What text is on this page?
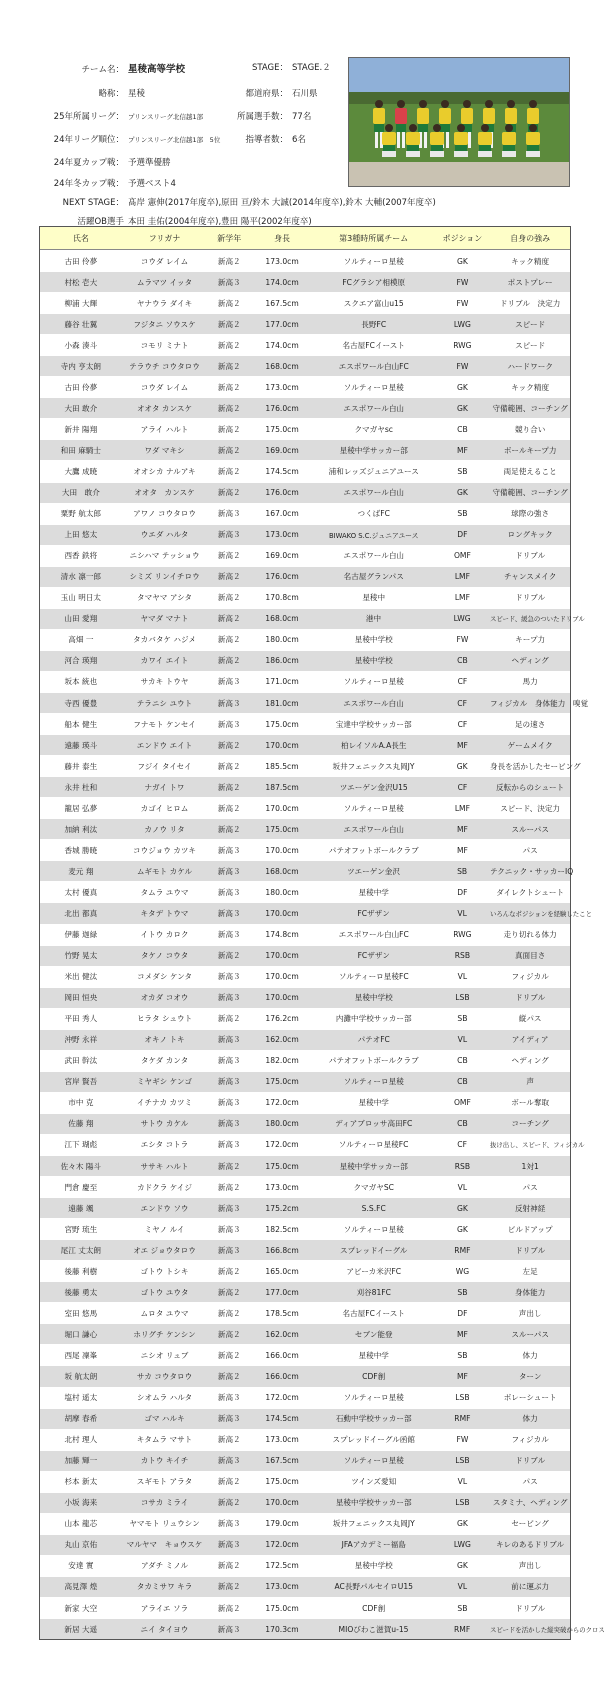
チーム名： 星稜高等学校
略称： 星稜
25年所属リーグ： プリンスリーグ北信越1部
24年リーグ順位： プリンスリーグ北信越1部　5位
24年夏カップ戦： 予選準優勝
24年冬カップ戦： 予選ベスト4
STAGE： STAGE.２
都道府県： 石川県
所属選手数： 77名
指導者数： 6名
NEXT STAGE： 髙岸 憲伸(2017年度卒),原田 亘/鈴木 大誠(2014年度卒),鈴木 大輔(2007年度卒)
活躍OB選手 本田 圭佑(2004年度卒),豊田 陽平(2002年度卒)
氏名	フリガナ	新学年	身長	第3種時所属チーム	ポジション	自身の強み
古田 伶夢	コウダ レイム	新高２	173.0cm	ソルティーロ星稜	GK	キック精度
村松 壱大	ムラマツ イッタ	新高３	174.0cm	FCグラシア相模原	FW	ポストプレー
柳浦 大輝	ヤナウラ ダイキ	新高２	167.5cm	スクエア富山u15	FW	ドリブル　決定力
藤谷 壮翼	フジタニ ソウスケ	新高２	177.0cm	長野FC	LWG	スピード
小森 湊斗	コモリ ミナト	新高２	174.0cm	名古屋FCイースト	RWG	スピード
寺内 亨太朗	テラウチ コウタロウ	新高２	168.0cm	エスポワール白山FC	FW	ハードワーク
古田 伶夢	コウダ レイム	新高２	173.0cm	ソルティーロ星稜	GK	キック精度
大田 敢介	オオタ カンスケ	新高２	176.0cm	エスポワール白山	GK	守備範囲、コーチング
新井 陽翔	アライ ハルト	新高２	175.0cm	クマガヤsc	CB	競り合い
和田 麻騎士	ワダ マキシ	新高２	169.0cm	星稜中学サッカー部	MF	ボールキープ力
大鷹 成暁	オオシカ ナルアキ	新高２	174.5cm	浦和レッズジュニアユース	SB	両足使えること
大田　敢介	オオタ　カンスケ	新高２	176.0cm	エスポワール白山	GK	守備範囲、コーチング
粟野 航太郎	アワノ コウタロウ	新高３	167.0cm	つくばFC	SB	球際の強さ
上田 悠太	ウエダ ハルタ	新高３	173.0cm	BIWAKO S.C.ジュニアユース	DF	ロングキック
西香 鉄将	ニシハマ テッショウ	新高２	169.0cm	エスポワール白山	OMF	ドリブル
清水 凛一郎	シミズ リンイチロウ	新高２	176.0cm	名古屋グランパス	LMF	チャンスメイク
玉山 明日太	タマヤマ アシタ	新高２	170.8cm	星稜中	LMF	ドリブル
山田 愛翔	ヤマダ マナト	新高２	168.0cm	港中	LWG	スピード、緩急のついたドリブル
高畑 一	タカバタケ ハジメ	新高２	180.0cm	星稜中学校	FW	キープ力
河合 瑛翔	カワイ エイト	新高２	186.0cm	星稜中学校	CB	ヘディング
坂本 統也	サカキ トウヤ	新高３	171.0cm	ソルティーロ星稜	CF	馬力
寺西 優豊	テラニシ ユウト	新高３	181.0cm	エスポワール白山	CF	フィジカル　身体能力　嗅覚
船本 健生	フナモト ケンセイ	新高３	175.0cm	宝達中学校サッカー部	CF	足の速さ
遠藤 瑛斗	エンドウ エイト	新高２	170.0cm	柏レイソルA.A長生	MF	ゲームメイク
藤井 泰生	フジイ タイセイ	新高２	185.5cm	坂井フェニックス丸岡JY	GK	身長を活かしたセービング
永井 杜和	ナガイ トワ	新高２	187.5cm	ツエーゲン金沢U15	CF	反転からのシュート
籠居 弘夢	カゴイ ヒロム	新高２	170.0cm	ソルティーロ星稜	LMF	スピード、決定力
加納 利汰	カノウ リタ	新高２	175.0cm	エスポワール白山	MF	スルーパス
香城 勝暁	コウジョウ カツキ	新高３	170.0cm	パテオフットボールクラブ	MF	パス
麦元 翔	ムギモト カケル	新高３	168.0cm	ツエーゲン金沢	SB	テクニック・サッカーIQ
太村 優真	タムラ ユウマ	新高３	180.0cm	星稜中学	DF	ダイレクトシュート
北出 都真	キタデ トウマ	新高３	170.0cm	FCザザン	VL	いろんなポジションを経験したこと
伊藤 迦緑	イトウ カロク	新高３	174.8cm	エスポワール白山FC	RWG	走り切れる体力
竹野 晃太	タケノ コウタ	新高２	170.0cm	FCザザン	RSB	真面目さ
米出 健汰	コメダシ ケンタ	新高３	170.0cm	ソルティーロ星稜FC	VL	フィジカル
岡田 恒央	オカダ コオウ	新高３	170.0cm	星稜中学校	LSB	ドリブル
平田 秀人	ヒラタ シュウト	新高２	176.2cm	内灘中学校サッカー部	SB	縦パス
沖野 永祥	オキノ トキ	新高３	162.0cm	パテオFC	VL	アイディア
武田 幹汰	タケダ カンタ	新高３	182.0cm	パテオフットボールクラブ	CB	ヘディング
宮岸 賢吾	ミヤギシ ケンゴ	新高３	175.0cm	ソルティーロ星稜	CB	声
市中 克	イチナカ カツミ	新高３	172.0cm	星稜中学	OMF	ボール奪取
佐藤 翔	サトウ カケル	新高３	180.0cm	ディアブロッサ高田FC	CB	コーチング
江下 瑚彪	エシタ コトラ	新高３	172.0cm	ソルティーロ星稜FC	CF	抜け出し、スピード、フィジカル
佐々木 陽斗	ササキ ハルト	新高２	175.0cm	星稜中学サッカー部	RSB	1対1
門倉 慶至	カドクラ ケイジ	新高２	173.0cm	クマガヤSC	VL	パス
遠藤 颯	エンドウ ソウ	新高３	175.2cm	S.S.FC	GK	反射神経
宮野 琉生	ミヤノ ルイ	新高３	182.5cm	ソルティーロ星稜	GK	ビルドアップ
尾江 丈太朗	オエ ジョウタロウ	新高３	166.8cm	スプレッドイーグル	RMF	ドリブル
後藤 利樹	ゴトウ トシキ	新高２	165.0cm	アビーカ米沢FC	WG	左足
後藤 勇太	ゴトウ ユウタ	新高２	177.0cm	刈谷81FC	SB	身体能力
室田 悠馬	ムロタ ユウマ	新高２	178.5cm	名古屋FCイースト	DF	声出し
堀口 謙心	ホリグチ ケンシン	新高２	162.0cm	セブン能登	MF	スルーパス
西尾 凜峯	ニシオ リュブ	新高２	166.0cm	星稜中学	SB	体力
坂 航太朗	サカ コウタロウ	新高２	166.0cm	CDF創	MF	ターン
塩村 遥太	シオムラ ハルタ	新高３	172.0cm	ソルティーロ星稜	LSB	ボレーシュート
胡摩 春希	ゴマ ハルキ	新高３	174.5cm	石動中学校サッカー部	RMF	体力
北村 理人	キタムラ マサト	新高２	173.0cm	スプレッドイーグル函館	FW	フィジカル
加藤 輝一	カトウ キイチ	新高３	167.5cm	ソルティーロ星稜	LSB	ドリブル
杉本 新太	スギモト アラタ	新高２	175.0cm	ツインズ愛知	VL	パス
小坂 海来	コサカ ミライ	新高２	170.0cm	星稜中学校サッカー部	LSB	スタミナ、ヘディング
山本 龍芯	ヤマモト リュウシン	新高３	179.0cm	坂井フェニックス丸岡JY	GK	セービング
丸山 京佑	マルヤマ　キョウスケ	新高３	172.0cm	JFAアカデミー福島	LWG	キレのあるドリブル
安達 實	アダチ ミノル	新高２	172.5cm	星稜中学校	GK	声出し
高見澤 煌	タカミサワ キラ	新高２	173.0cm	AC長野パルセイロU15	VL	前に運ぶ力
新家 大空	アライエ ソラ	新高２	175.0cm	CDF創	SB	ドリブル
新居 大遥	ニイ タイヨウ	新高３	170.3cm	MIOびわこ滋賀u-15	RMF	スピードを活かした縦突破からのクロス
